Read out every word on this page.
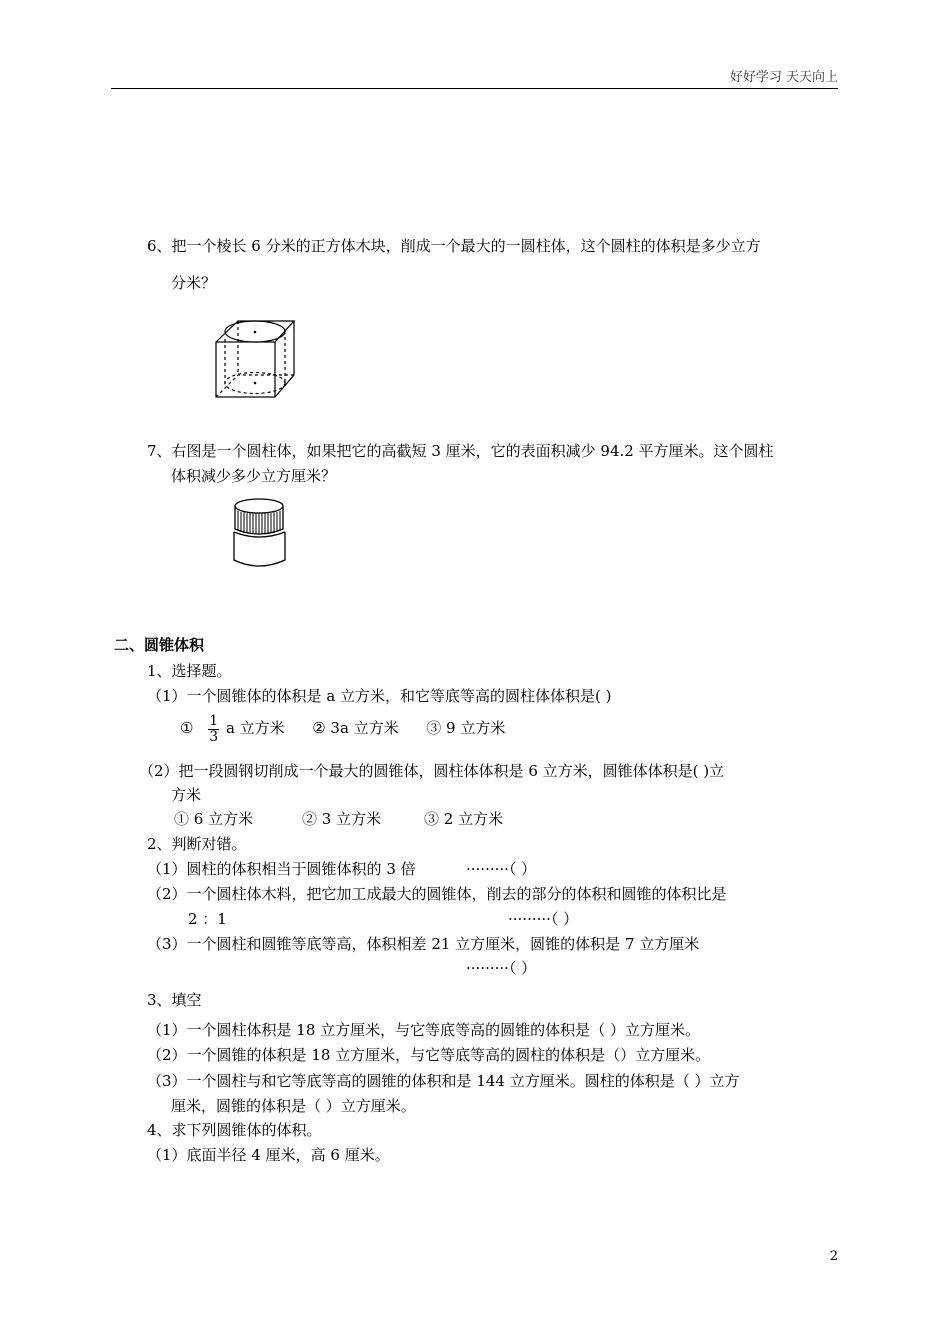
好好学习 天天向上
6、把一个棱长 6 分米的正方体木块，削成一个最大的一圆柱体，这个圆柱的体积是多少立方
分米？
7、右图是一个圆柱体，如果把它的高截短 3 厘米，它的表面积减少 94.2 平方厘米。这个圆柱
体积减少多少立方厘米？
二、圆锥体积
1、选择题。
（1）一个圆锥体的体积是 a 立方米，和它等底等高的圆柱体体积是( )
① $\frac{1}{3}$ a 立方米 ② 3a 立方米 ③ 9 立方米
（2）把一段圆钢切削成一个最大的圆锥体，圆柱体体积是 6 立方米，圆锥体体积是( )立
方米
① 6 立方米	② 3 立方米	③ 2 立方米
2、判断对错。
（1）圆柱的体积相当于圆锥体积的 3 倍	·········（ ）
（2）一个圆柱体木料，把它加工成最大的圆锥体，削去的部分的体积和圆锥的体积比是
2 ：1	·········（ ）
（3）一个圆柱和圆锥等底等高，体积相差 21 立方厘米，圆锥的体积是 7 立方厘米
·········（ ）
3、填空
（1）一个圆柱体积是 18 立方厘米，与它等底等高的圆锥的体积是（ ）立方厘米。
（2）一个圆锥的体积是 18 立方厘米，与它等底等高的圆柱的体积是（）立方厘米。
（3）一个圆柱与和它等底等高的圆锥的体积和是 144 立方厘米。圆柱的体积是（ ）立方
厘米，圆锥的体积是（ ）立方厘米。
4、求下列圆锥体的体积。
（1）底面半径 4 厘米，高 6 厘米。
2
